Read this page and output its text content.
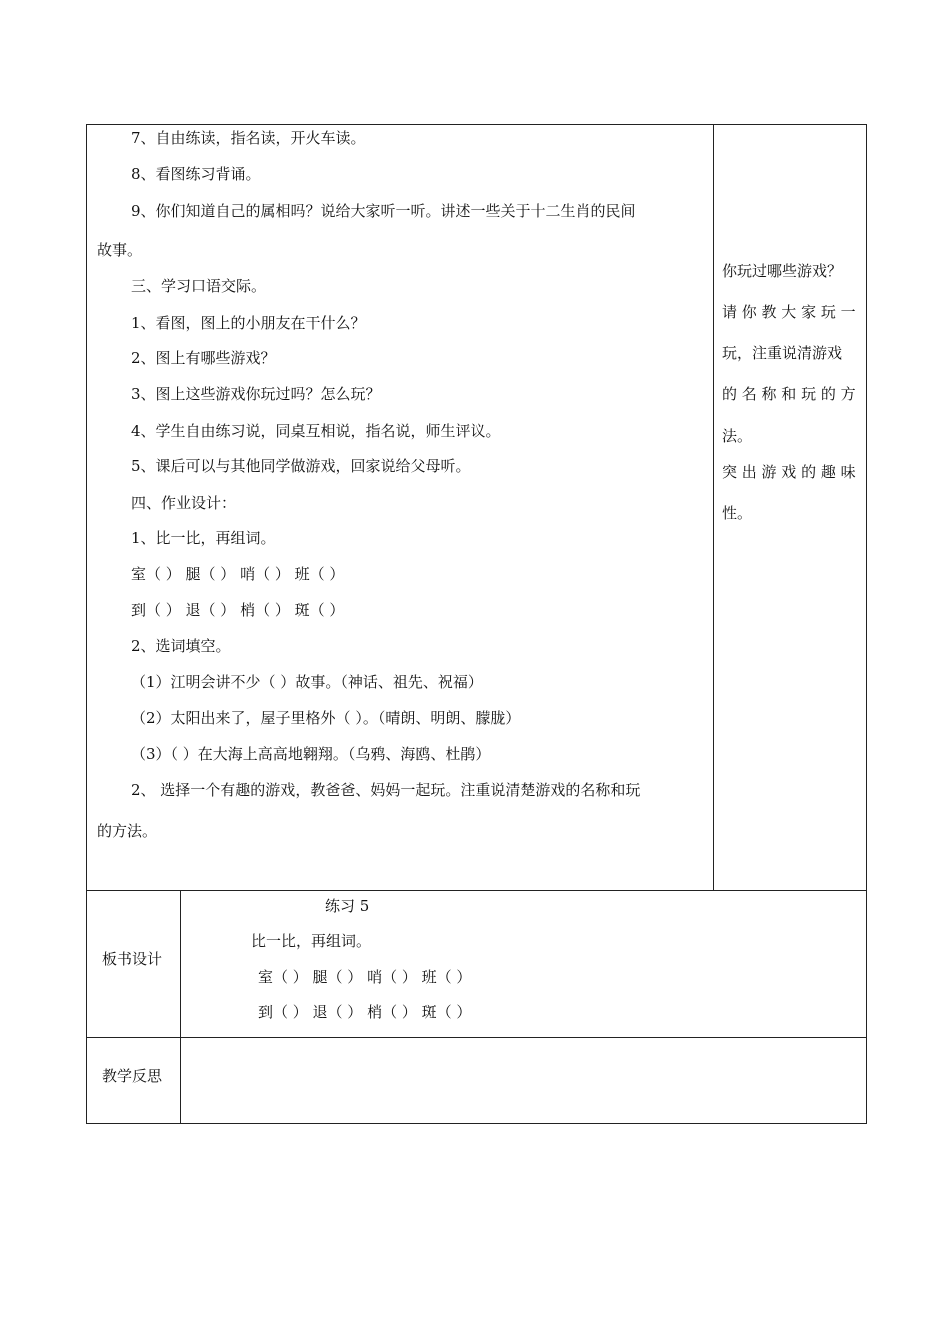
7、自由练读，指名读，开火车读。
8、看图练习背诵。
9、你们知道自己的属相吗？说给大家听一听。讲述一些关于十二生肖的民间
故事。
三、学习口语交际。
1、看图，图上的小朋友在干什么？
2、图上有哪些游戏？
3、图上这些游戏你玩过吗？怎么玩？
4、学生自由练习说，同桌互相说，指名说，师生评议。
5、课后可以与其他同学做游戏，回家说给父母听。
四、作业设计：
1、比一比，再组词。
室（ ） 腿（ ） 哨（ ） 班（ ）
到（ ） 退（ ） 梢（ ） 斑（ ）
2、选词填空。
（1）江明会讲不少（ ）故事。（神话、祖先、祝福）
（2）太阳出来了，屋子里格外（ ）。（晴朗、明朗、朦胧）
（3）（ ）在大海上高高地翱翔。（乌鸦、海鸥、杜鹃）
2、 选择一个有趣的游戏，教爸爸、妈妈一起玩。注重说清楚游戏的名称和玩
的方法。
你玩过哪些游戏？
请 你 教 大 家 玩 一
玩，注重说清游戏
的 名 称 和 玩 的 方
法。
突 出 游 戏 的 趣 味
性。
板书设计
练习 5
比一比，再组词。
室（ ） 腿（ ） 哨（ ） 班（ ）
到（ ） 退（ ） 梢（ ） 斑（ ）
教学反思
